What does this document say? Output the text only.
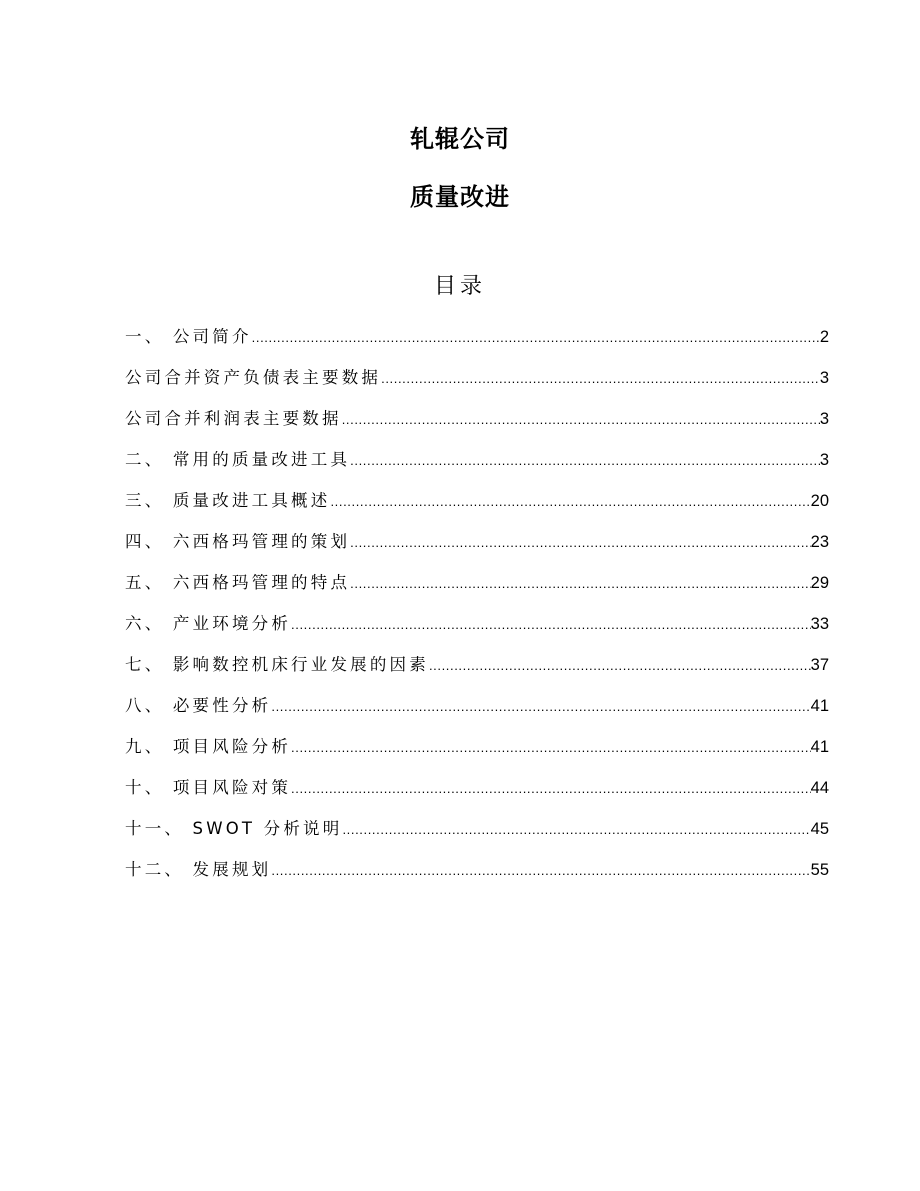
轧辊公司
质量改进
目录
一、 公司简介 .....	2
公司合并资产负债表主要数据 .....	3
公司合并利润表主要数据 .....	3
二、 常用的质量改进工具 .....	3
三、 质量改进工具概述 .....	20
四、 六西格玛管理的策划 .....	23
五、 六西格玛管理的特点 .....	29
六、 产业环境分析 .....	33
七、 影响数控机床行业发展的因素 .....	37
八、 必要性分析 .....	41
九、 项目风险分析 .....	41
十、 项目风险对策 .....	44
十一、 SWOT 分析说明 .....	45
十二、 发展规划 .....	55
